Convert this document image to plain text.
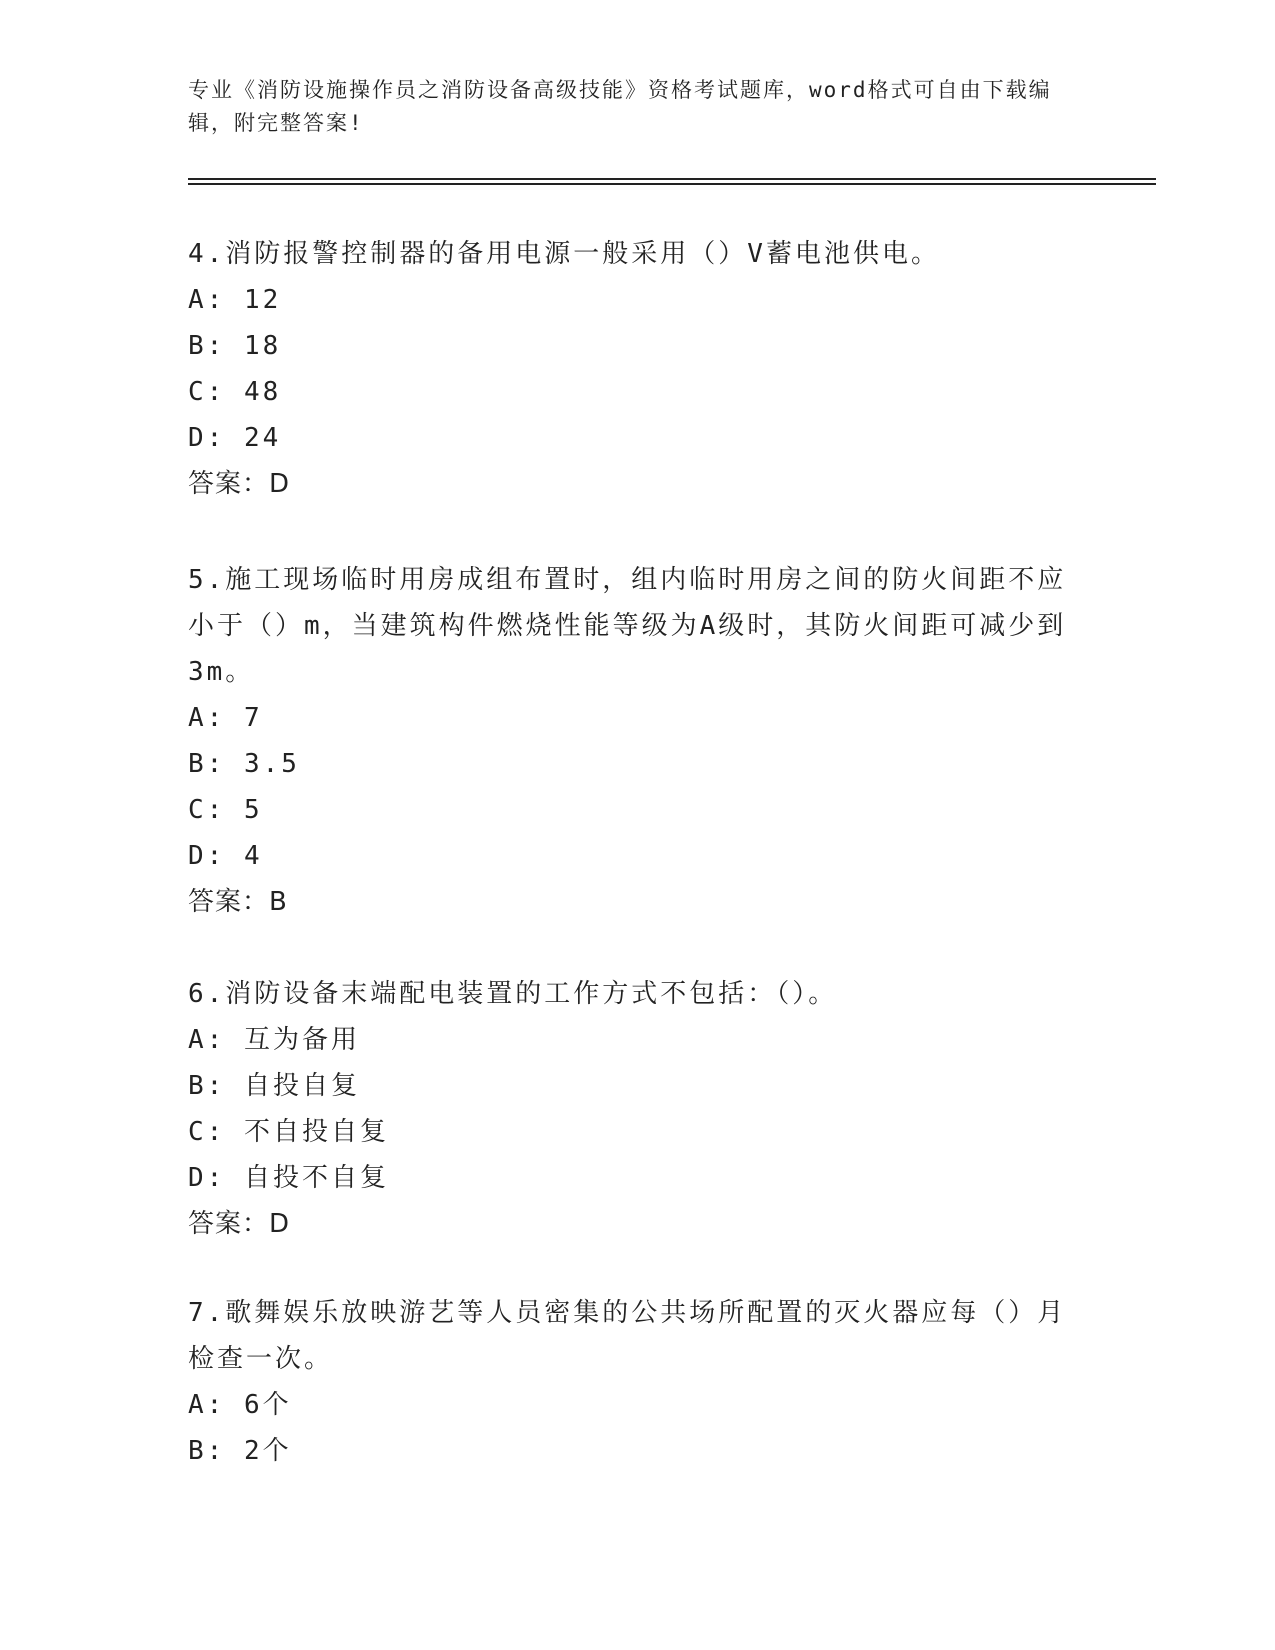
专业《消防设施操作员之消防设备高级技能》资格考试题库，word格式可自由下载编辑，附完整答案!

4.消防报警控制器的备用电源一般采用（）V蓄电池供电。

A: 12

B: 18

C: 48

D: 24

答案：D

5.施工现场临时用房成组布置时，组内临时用房之间的防火间距不应小于（）m，当建筑构件燃烧性能等级为A级时，其防火间距可减少到3m。

A: 7

B: 3.5

C: 5

D: 4

答案：B

6.消防设备末端配电装置的工作方式不包括：（）。

A: 互为备用

B: 自投自复

C: 不自投自复

D: 自投不自复

答案：D

7.歌舞娱乐放映游艺等人员密集的公共场所配置的灭火器应每（）月检查一次。

A: 6个

B: 2个
